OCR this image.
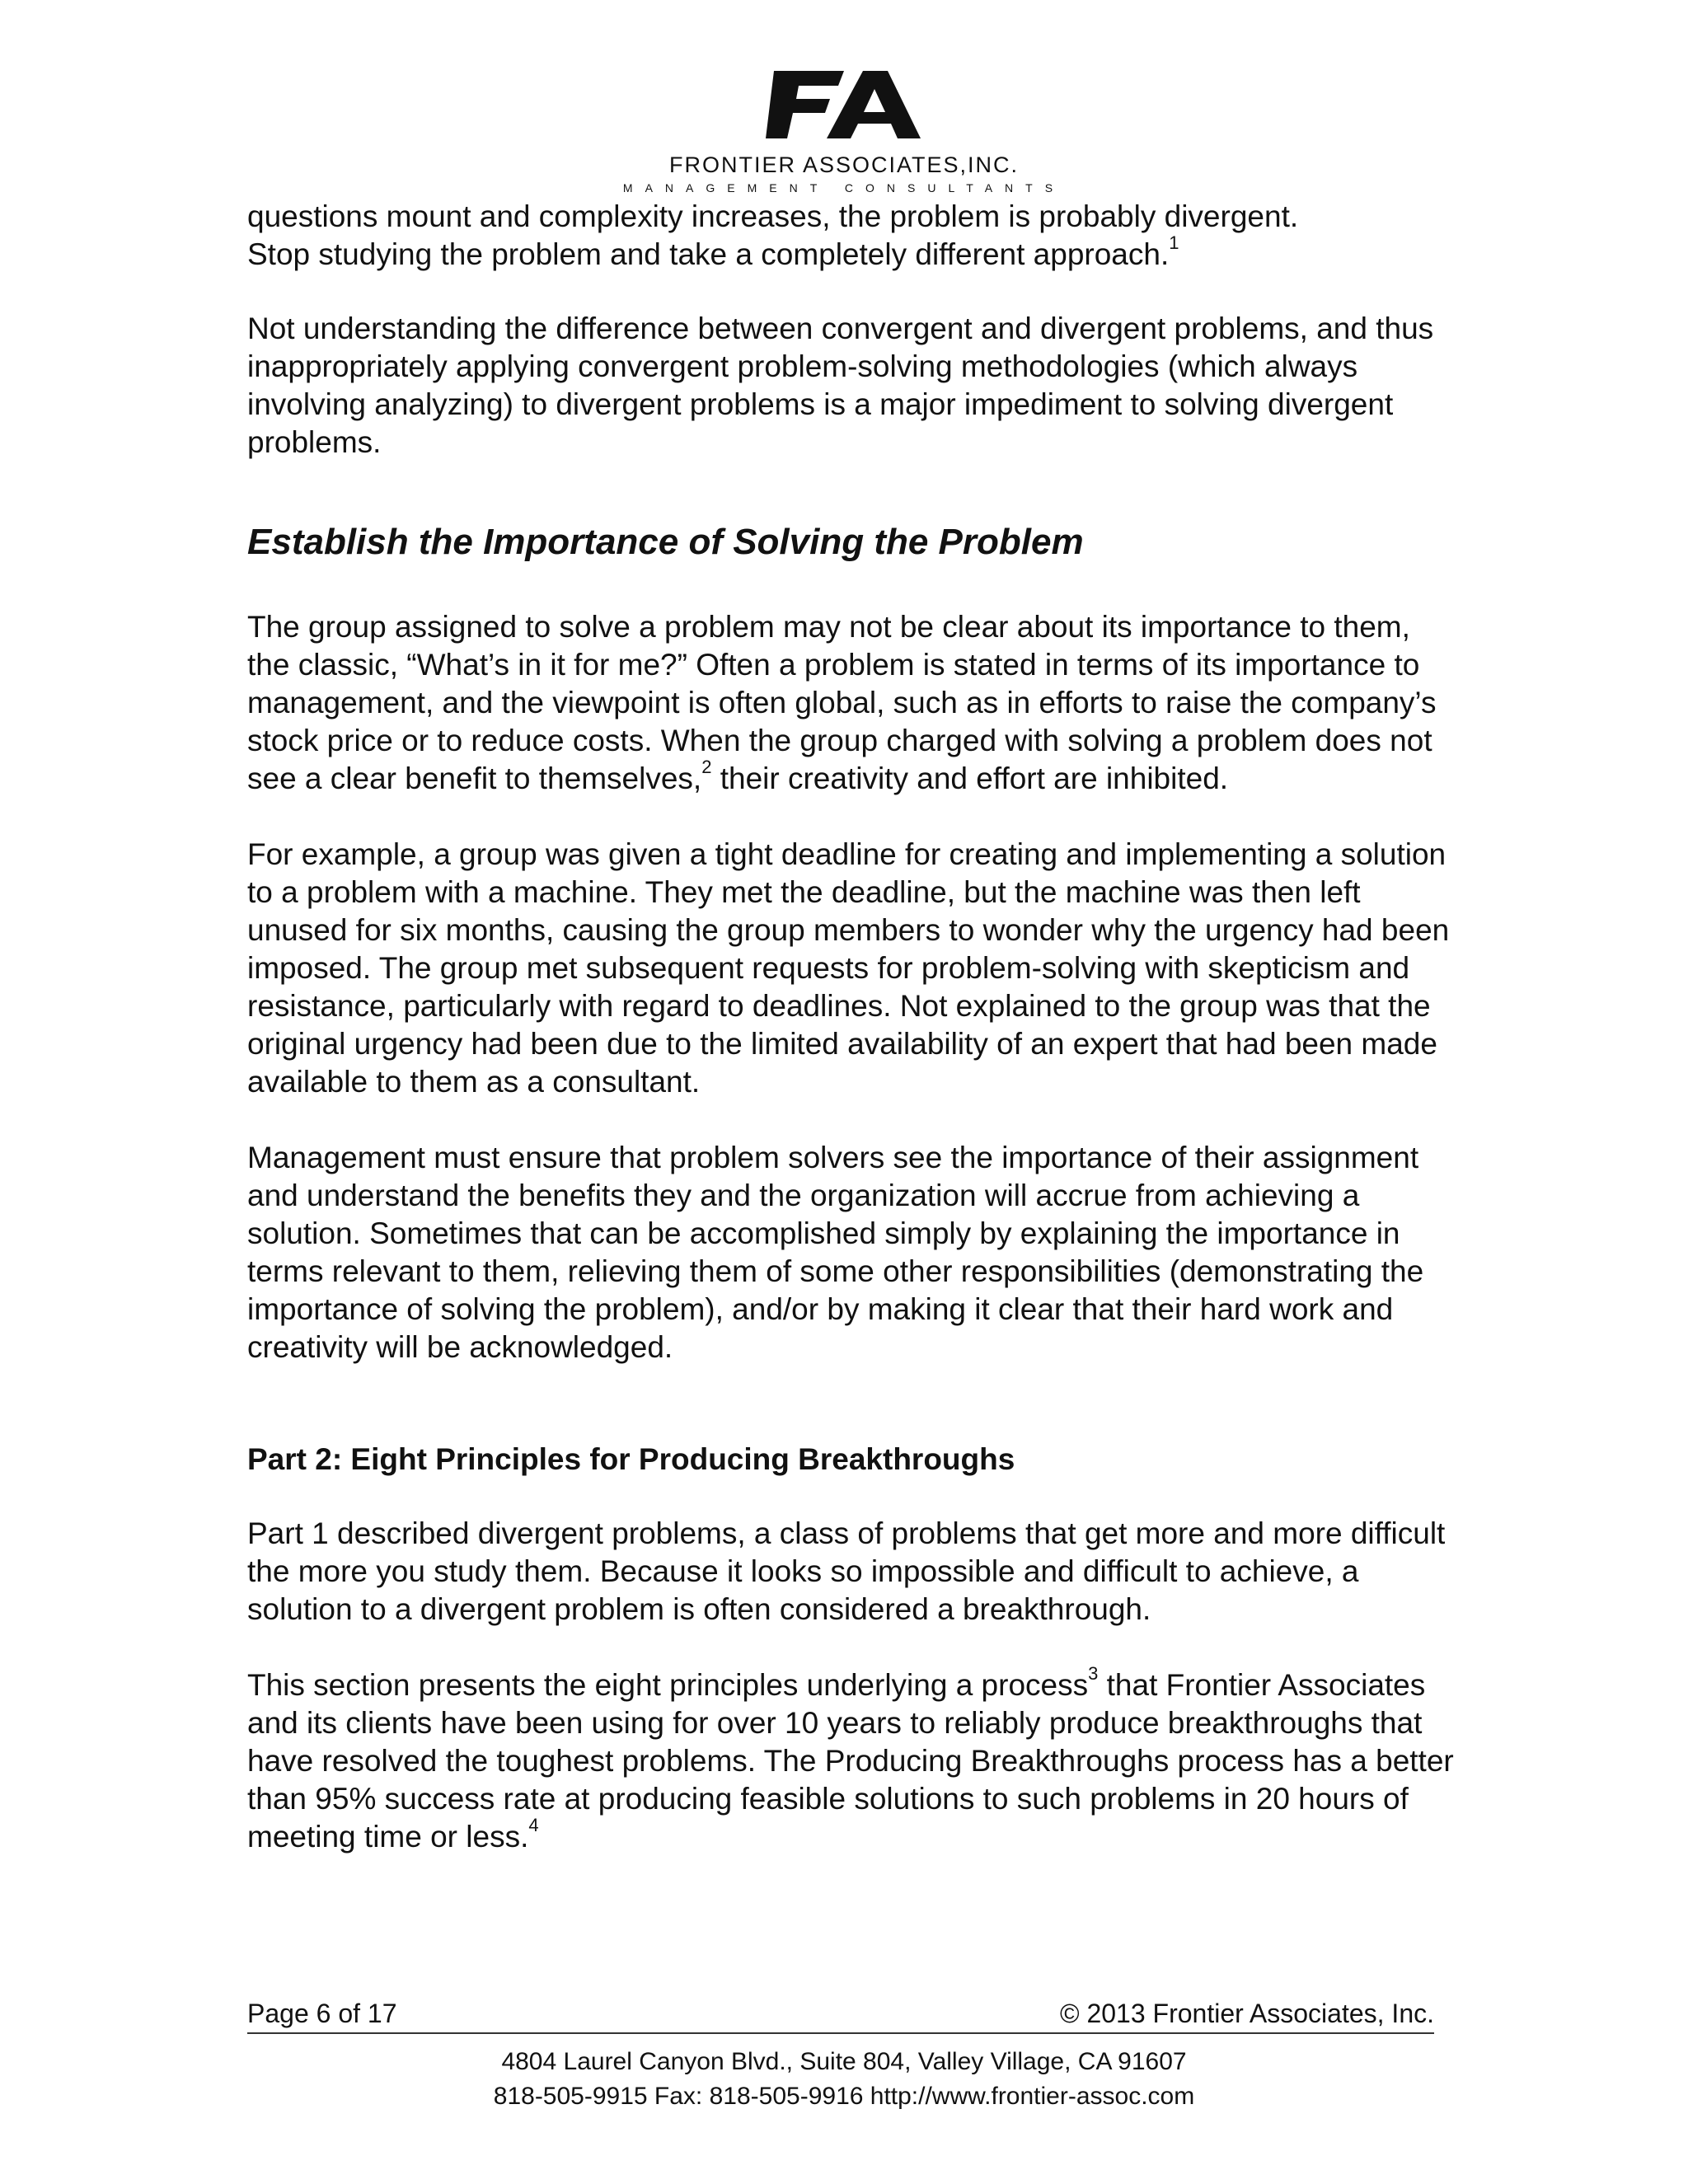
FRONTIER ASSOCIATES,INC.
MANAGEMENT CONSULTANTS

questions mount and complexity increases, the problem is probably divergent.
Stop studying the problem and take a completely different approach.$^1$

Not understanding the difference between convergent and divergent problems, and thus inappropriately applying convergent problem-solving methodologies (which always involving analyzing) to divergent problems is a major impediment to solving divergent problems.

Establish the Importance of Solving the Problem

The group assigned to solve a problem may not be clear about its importance to them, the classic, “What’s in it for me?” Often a problem is stated in terms of its importance to management, and the viewpoint is often global, such as in efforts to raise the company’s stock price or to reduce costs. When the group charged with solving a problem does not see a clear benefit to themselves,$^2$ their creativity and effort are inhibited.

For example, a group was given a tight deadline for creating and implementing a solution to a problem with a machine. They met the deadline, but the machine was then left unused for six months, causing the group members to wonder why the urgency had been imposed. The group met subsequent requests for problem-solving with skepticism and resistance, particularly with regard to deadlines. Not explained to the group was that the original urgency had been due to the limited availability of an expert that had been made available to them as a consultant.

Management must ensure that problem solvers see the importance of their assignment and understand the benefits they and the organization will accrue from achieving a solution. Sometimes that can be accomplished simply by explaining the importance in terms relevant to them, relieving them of some other responsibilities (demonstrating the importance of solving the problem), and/or by making it clear that their hard work and creativity will be acknowledged.

Part 2: Eight Principles for Producing Breakthroughs

Part 1 described divergent problems, a class of problems that get more and more difficult the more you study them. Because it looks so impossible and difficult to achieve, a solution to a divergent problem is often considered a breakthrough.

This section presents the eight principles underlying a process$^3$ that Frontier Associates and its clients have been using for over 10 years to reliably produce breakthroughs that have resolved the toughest problems. The Producing Breakthroughs process has a better than 95% success rate at producing feasible solutions to such problems in 20 hours of meeting time or less.$^4$

Page 6 of 17	© 2013 Frontier Associates, Inc.
4804 Laurel Canyon Blvd., Suite 804, Valley Village, CA 91607
818-505-9915 Fax: 818-505-9916 http://www.frontier-assoc.com
